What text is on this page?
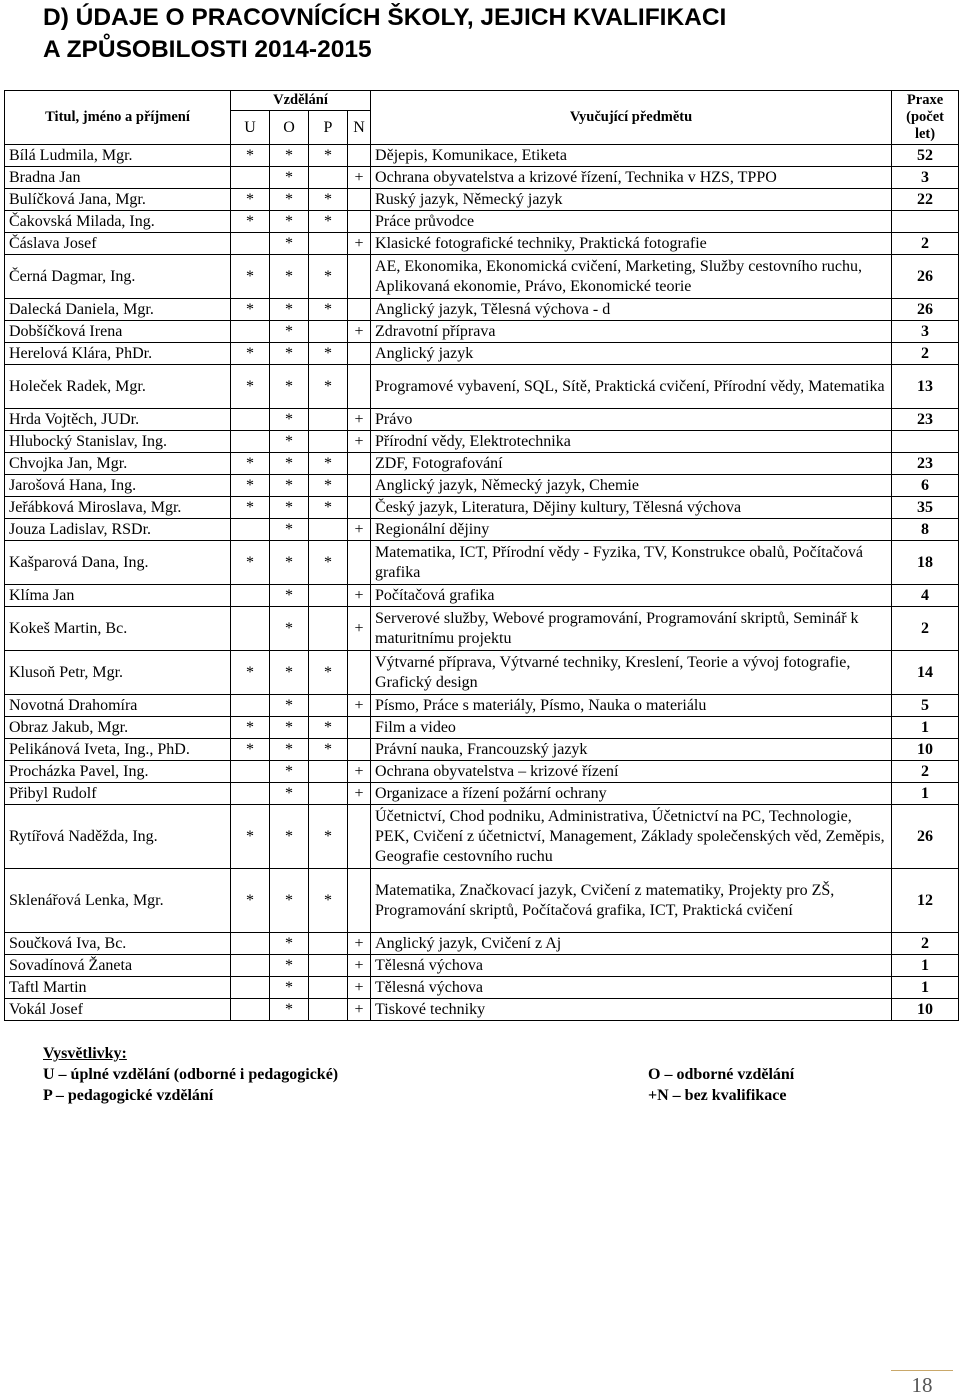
D) ÚDAJE O PRACOVNÍCÍCH ŠKOLY, JEJICH KVALIFIKACI
A ZPŮSOBILOSTI 2014-2015
Titul, jméno a příjmení	Vzdělání				Vyučující předmětu	Praxe
(počet
let)

	U	O	P	N		
Bílá Ludmila, Mgr.	*	*	*		Dějepis, Komunikace, Etiketa	52
Bradna Jan		*		+	Ochrana obyvatelstva a krizové řízení, Technika v HZS, TPPO	3
Bulíčková Jana, Mgr.	*	*	*		Ruský jazyk, Německý jazyk	22
Čakovská Milada, Ing.	*	*	*		Práce průvodce	
Čáslava Josef		*		+	Klasické fotografické techniky, Praktická fotografie	2
Černá Dagmar, Ing.	*	*	*		AE, Ekonomika, Ekonomická cvičení, Marketing, Služby cestovního ruchu, Aplikovaná ekonomie, Právo, Ekonomické teorie	26
Dalecká Daniela, Mgr.	*	*	*		Anglický jazyk, Tělesná výchova - d	26
Dobšíčková Irena		*		+	Zdravotní příprava	3
Herelová Klára, PhDr.	*	*	*		Anglický jazyk	2
Holeček Radek, Mgr.	*	*	*		Programové vybavení, SQL, Sítě, Praktická cvičení, Přírodní vědy, Matematika	13
Hrda Vojtěch, JUDr.		*		+	Právo	23
Hlubocký Stanislav, Ing.		*		+	Přírodní vědy, Elektrotechnika	
Chvojka Jan, Mgr.	*	*	*		ZDF, Fotografování	23
Jarošová Hana, Ing.	*	*	*		Anglický jazyk, Německý jazyk, Chemie	6
Jeřábková Miroslava, Mgr.	*	*	*		Český jazyk, Literatura, Dějiny kultury, Tělesná výchova	35
Jouza Ladislav, RSDr.		*		+	Regionální dějiny	8
Kašparová Dana, Ing.	*	*	*		Matematika, ICT, Přírodní vědy - Fyzika, TV, Konstrukce obalů, Počítačová grafika	18
Klíma Jan		*		+	Počítačová grafika	4
Kokeš Martin, Bc.		*		+	Serverové služby, Webové programování, Programování skriptů, Seminář k maturitnímu projektu	2
Klusoň Petr, Mgr.	*	*	*		Výtvarné příprava, Výtvarné techniky, Kreslení, Teorie a vývoj fotografie, Grafický design	14
Novotná Drahomíra		*		+	Písmo, Práce s materiály, Písmo, Nauka o materiálu	5
Obraz Jakub, Mgr.	*	*	*		Film a video	1
Pelikánová Iveta, Ing., PhD.	*	*	*		Právní nauka, Francouzský jazyk	10
Procházka Pavel, Ing.		*		+	Ochrana obyvatelstva – krizové řízení	2
Přibyl Rudolf		*		+	Organizace a řízení požární ochrany	1
Rytířová Naděžda, Ing.	*	*	*		Účetnictví, Chod podniku, Administrativa, Účetnictví na PC, Technologie, PEK, Cvičení z účetnictví, Management, Základy společenských věd, Zeměpis, Geografie cestovního ruchu	26
Sklenářová Lenka, Mgr.	*	*	*		Matematika, Značkovací jazyk, Cvičení z matematiky, Projekty pro ZŠ, Programování skriptů, Počítačová grafika, ICT, Praktická cvičení	12
Součková Iva, Bc.		*		+	Anglický jazyk, Cvičení z Aj	2
Sovadínová Žaneta		*		+	Tělesná výchova	1
Taftl Martin		*		+	Tělesná výchova	1
Vokál Josef		*		+	Tiskové techniky	10
Vysvětlivky:
U – úplné vzdělání (odborné i pedagogické)
P – pedagogické vzdělání
O – odborné vzdělání
+N – bez kvalifikace
18
